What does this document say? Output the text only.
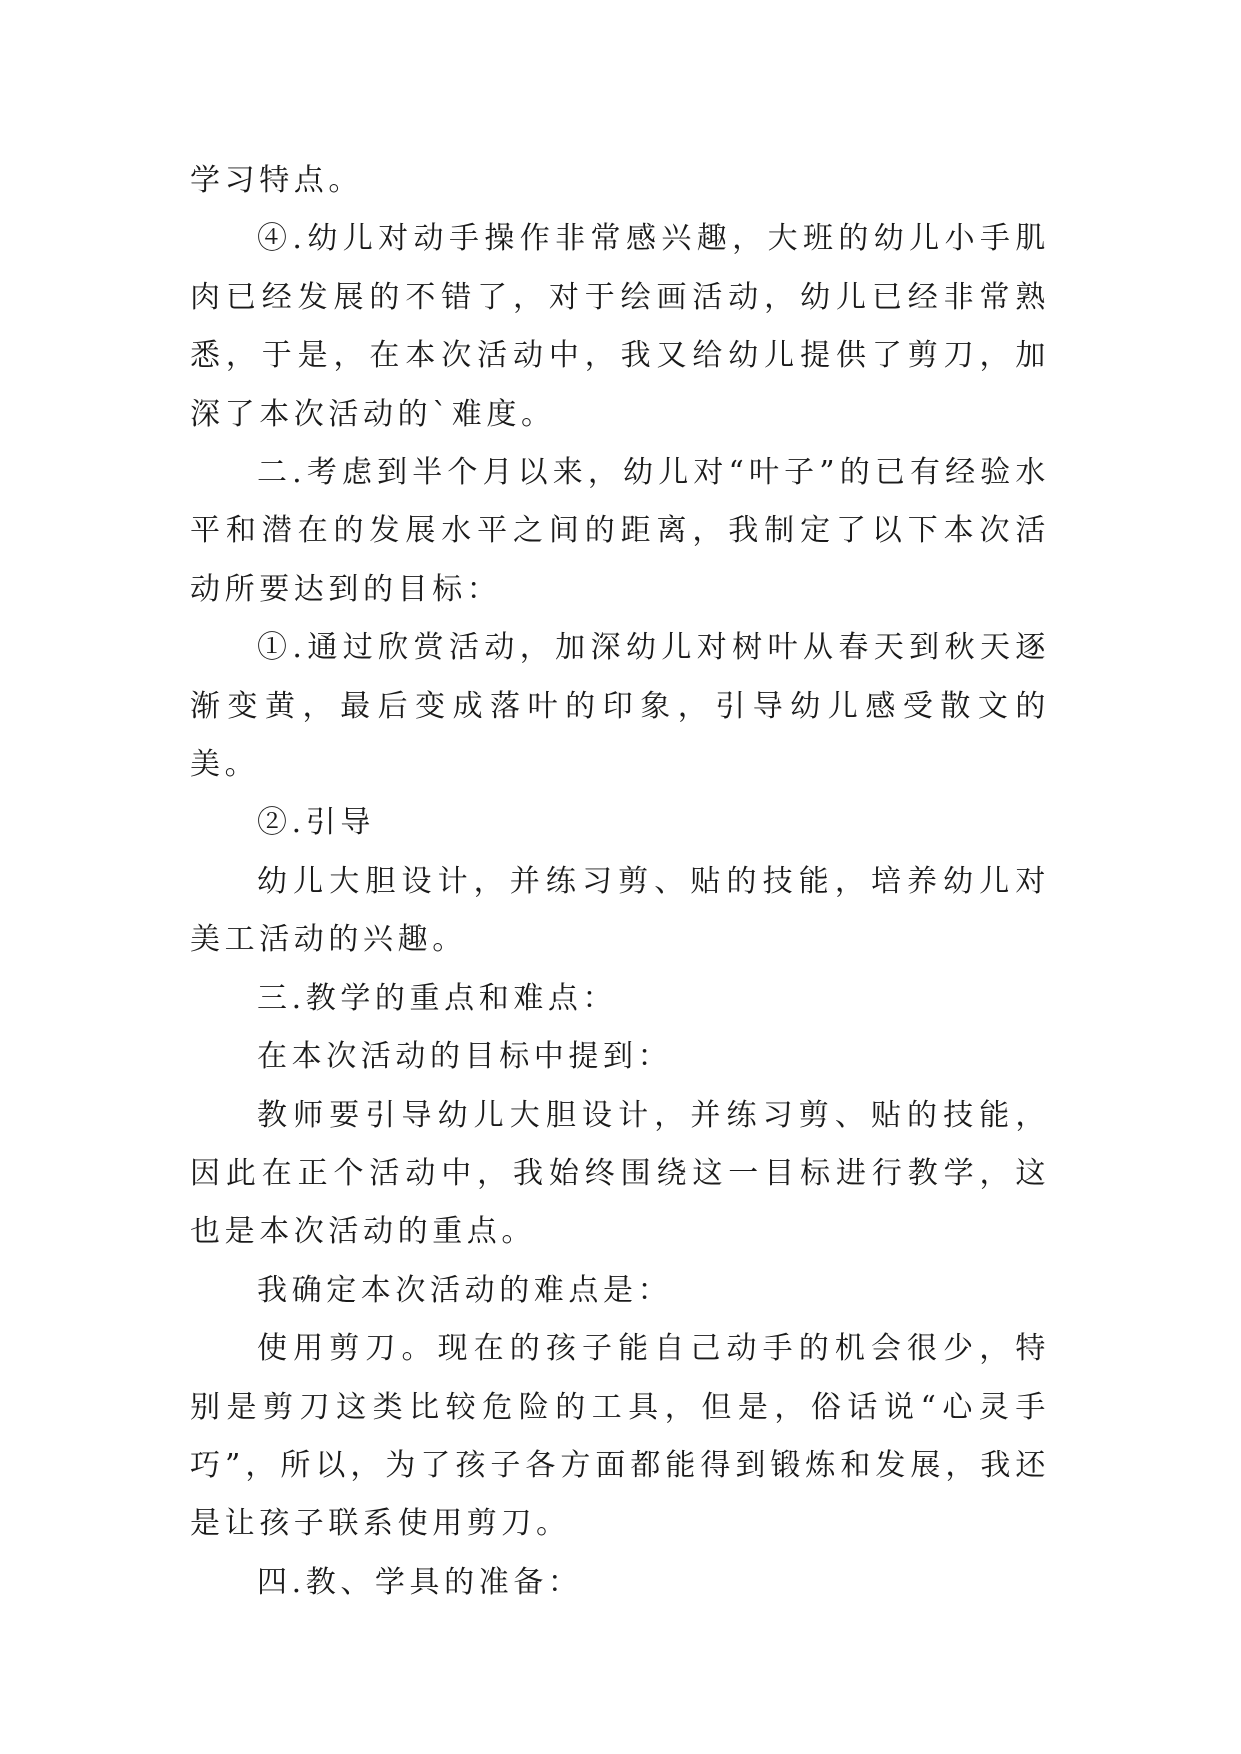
学习特点。

④.幼儿对动手操作非常感兴趣，大班的幼儿小手肌肉已经发展的不错了，对于绘画活动，幼儿已经非常熟悉，于是，在本次活动中，我又给幼儿提供了剪刀，加深了本次活动的`难度。

二.考虑到半个月以来，幼儿对“叶子”的已有经验水平和潜在的发展水平之间的距离，我制定了以下本次活动所要达到的目标：

①.通过欣赏活动，加深幼儿对树叶从春天到秋天逐渐变黄，最后变成落叶的印象，引导幼儿感受散文的美。

②.引导

幼儿大胆设计，并练习剪、贴的技能，培养幼儿对美工活动的兴趣。

三.教学的重点和难点：

在本次活动的目标中提到：

教师要引导幼儿大胆设计，并练习剪、贴的技能，因此在正个活动中，我始终围绕这一目标进行教学，这也是本次活动的重点。

我确定本次活动的难点是：

使用剪刀。现在的孩子能自己动手的机会很少，特别是剪刀这类比较危险的工具，但是，俗话说“心灵手巧”，所以，为了孩子各方面都能得到锻炼和发展，我还是让孩子联系使用剪刀。

四.教、学具的准备：
